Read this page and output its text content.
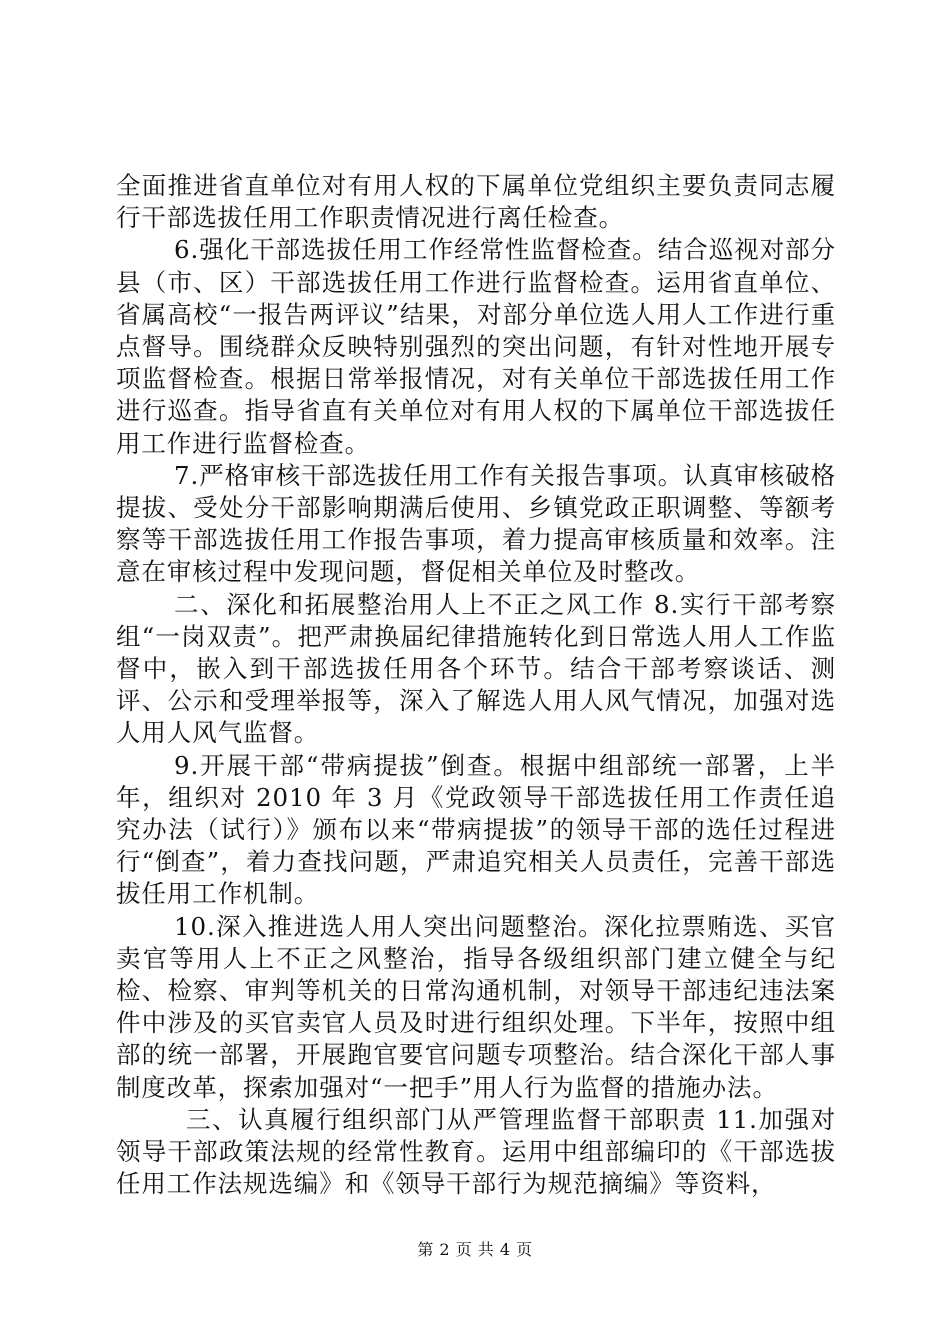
全面推进省直单位对有用人权的下属单位党组织主要负责同志履行干部选拔任用工作职责情况进行离任检查。

6.强化干部选拔任用工作经常性监督检查。结合巡视对部分县（市、区）干部选拔任用工作进行监督检查。运用省直单位、省属高校“一报告两评议”结果，对部分单位选人用人工作进行重点督导。围绕群众反映特别强烈的突出问题，有针对性地开展专项监督检查。根据日常举报情况，对有关单位干部选拔任用工作进行巡查。指导省直有关单位对有用人权的下属单位干部选拔任用工作进行监督检查。

7.严格审核干部选拔任用工作有关报告事项。认真审核破格提拔、受处分干部影响期满后使用、乡镇党政正职调整、等额考察等干部选拔任用工作报告事项，着力提高审核质量和效率。注意在审核过程中发现问题，督促相关单位及时整改。

二、深化和拓展整治用人上不正之风工作 8.实行干部考察组“一岗双责”。把严肃换届纪律措施转化到日常选人用人工作监督中，嵌入到干部选拔任用各个环节。结合干部考察谈话、测评、公示和受理举报等，深入了解选人用人风气情况，加强对选人用人风气监督。

9.开展干部“带病提拔”倒查。根据中组部统一部署，上半年，组织对 2010 年 3 月《党政领导干部选拔任用工作责任追究办法（试行）》颁布以来“带病提拔”的领导干部的选任过程进行“倒查”，着力查找问题，严肃追究相关人员责任，完善干部选拔任用工作机制。

10.深入推进选人用人突出问题整治。深化拉票贿选、买官卖官等用人上不正之风整治，指导各级组织部门建立健全与纪检、检察、审判等机关的日常沟通机制，对领导干部违纪违法案件中涉及的买官卖官人员及时进行组织处理。下半年，按照中组部的统一部署，开展跑官要官问题专项整治。结合深化干部人事制度改革，探索加强对“一把手”用人行为监督的措施办法。

三、认真履行组织部门从严管理监督干部职责 11.加强对领导干部政策法规的经常性教育。运用中组部编印的《干部选拔任用工作法规选编》和《领导干部行为规范摘编》等资料，

第 2 页 共 4 页
